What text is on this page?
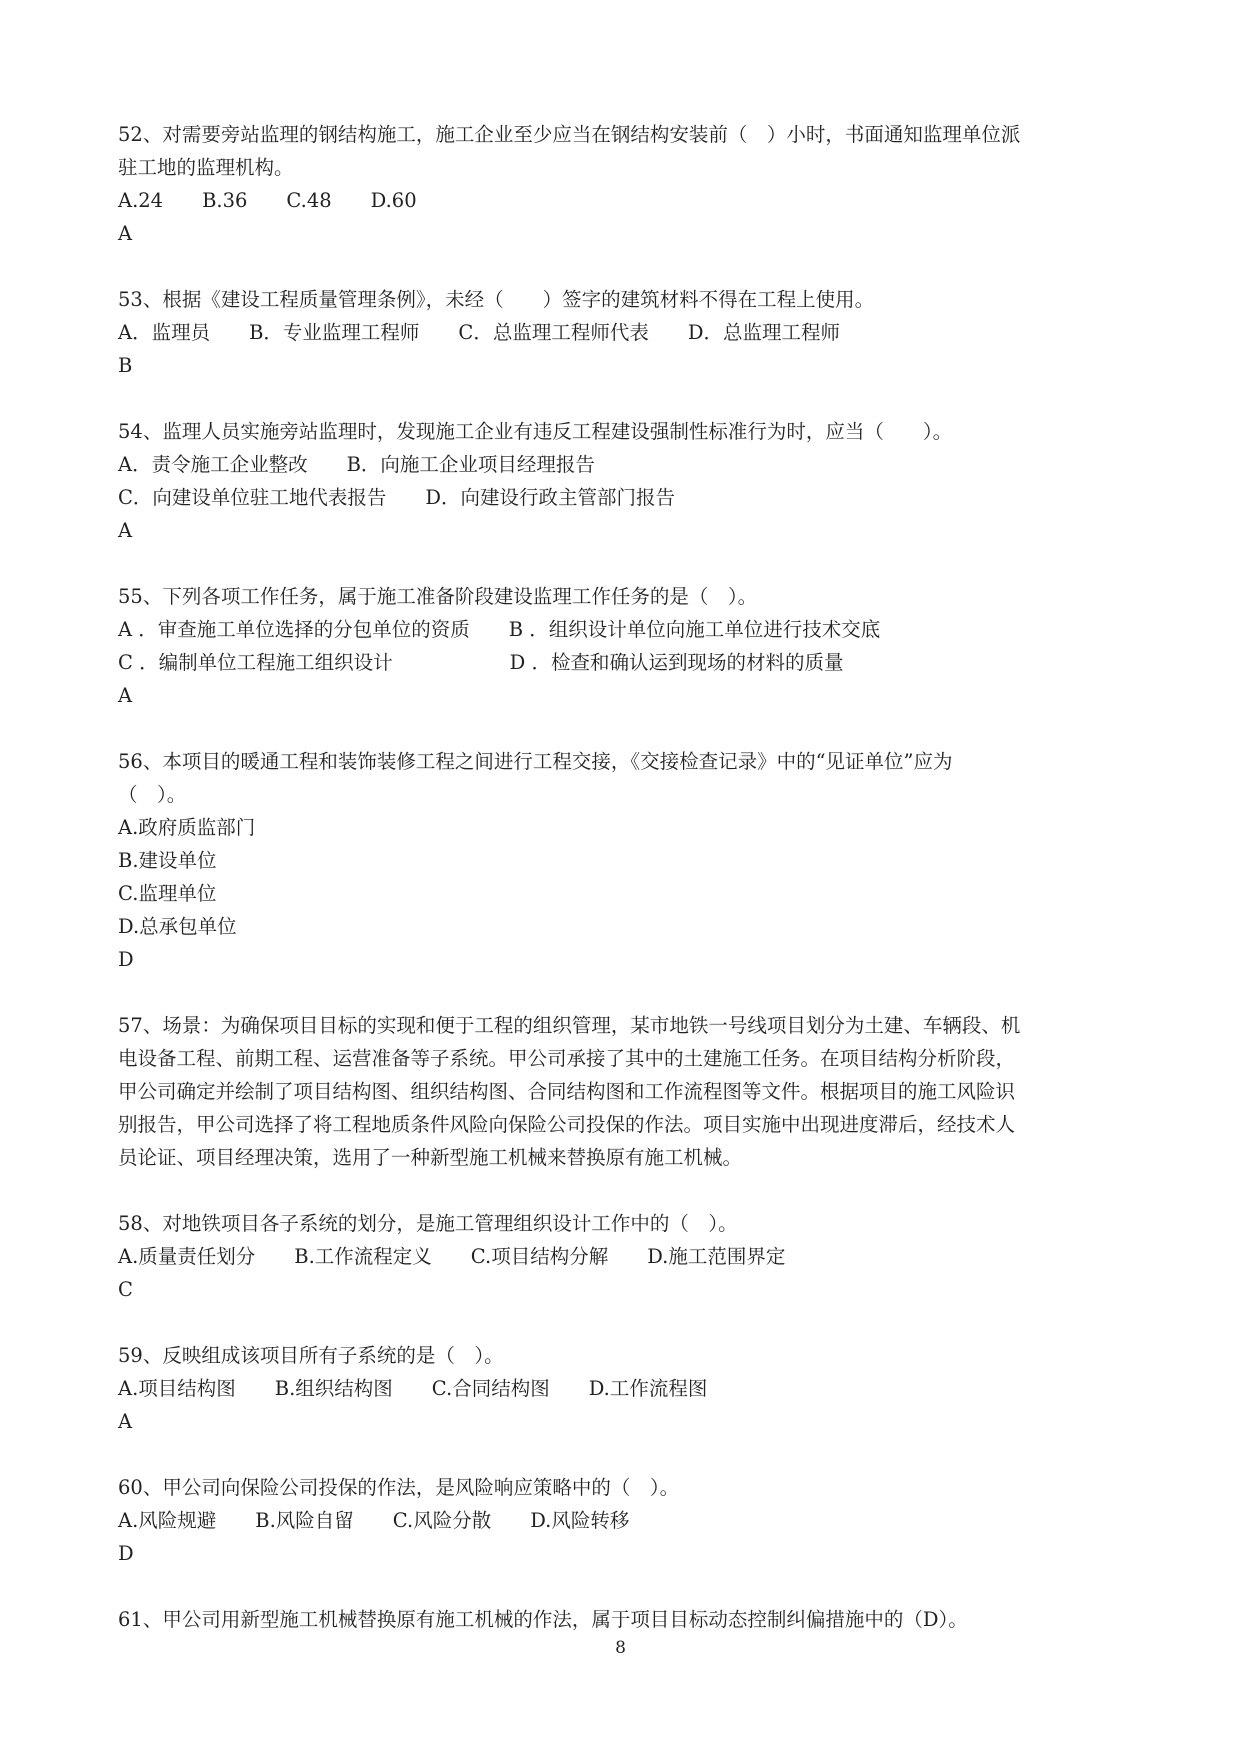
52、对需要旁站监理的钢结构施工，施工企业至少应当在钢结构安装前（　）小时，书面通知监理单位派
驻工地的监理机构。
A.24　　B.36　　C.48　　D.60
A
53、根据《建设工程质量管理条例》，未经（　　）签字的建筑材料不得在工程上使用。
A．监理员　　B．专业监理工程师　　C．总监理工程师代表　　D．总监理工程师
B
54、监理人员实施旁站监理时，发现施工企业有违反工程建设强制性标准行为时，应当（　　）。
A．责令施工企业整改　　B．向施工企业项目经理报告
C．向建设单位驻工地代表报告　　D．向建设行政主管部门报告
A
55、下列各项工作任务，属于施工准备阶段建设监理工作任务的是（　）。
A ．审查施工单位选择的分包单位的资质　　B ．组织设计单位向施工单位进行技术交底
C ．编制单位工程施工组织设计　　　　　　D ．检查和确认运到现场的材料的质量
A
56、本项目的暖通工程和装饰装修工程之间进行工程交接，《交接检查记录》中的“见证单位”应为
（　）。
A.政府质监部门
B.建设单位
C.监理单位
D.总承包单位
D
57、场景：为确保项目目标的实现和便于工程的组织管理，某市地铁一号线项目划分为土建、车辆段、机
电设备工程、前期工程、运营准备等子系统。甲公司承接了其中的土建施工任务。在项目结构分析阶段，
甲公司确定并绘制了项目结构图、组织结构图、合同结构图和工作流程图等文件。根据项目的施工风险识
别报告，甲公司选择了将工程地质条件风险向保险公司投保的作法。项目实施中出现进度滞后，经技术人
员论证、项目经理决策，选用了一种新型施工机械来替换原有施工机械。
58、对地铁项目各子系统的划分，是施工管理组织设计工作中的（　）。
A.质量责任划分　　B.工作流程定义　　C.项目结构分解　　D.施工范围界定
C
59、反映组成该项目所有子系统的是（　）。
A.项目结构图　　B.组织结构图　　C.合同结构图　　D.工作流程图
A
60、甲公司向保险公司投保的作法，是风险响应策略中的（　）。
A.风险规避　　B.风险自留　　C.风险分散　　D.风险转移
D
61、甲公司用新型施工机械替换原有施工机械的作法，属于项目目标动态控制纠偏措施中的（D）。
8
